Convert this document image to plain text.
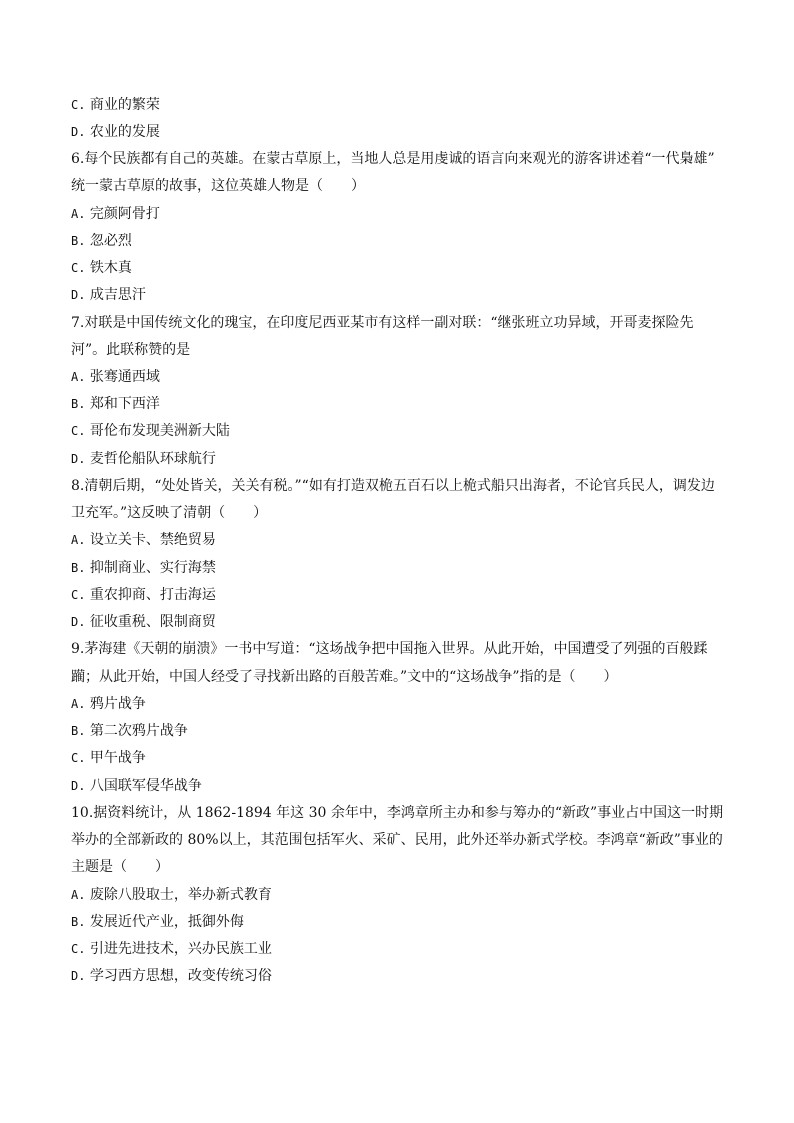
C. 商业的繁荣
D. 农业的发展
6.每个民族都有自己的英雄。在蒙古草原上，当地人总是用虔诚的语言向来观光的游客讲述着“一代梟雄”
统一蒙古草原的故事，这位英雄人物是（　　）
A. 完颜阿骨打
B. 忽必烈
C. 铁木真
D. 成吉思汗
7.对联是中国传统文化的瑰宝，在印度尼西亚某市有这样一副对联：“继张班立功异域，开哥麦探险先
河”。此联称赞的是
A. 张骞通西域
B. 郑和下西洋
C. 哥伦布发现美洲新大陆
D. 麦哲伦船队环球航行
8.清朝后期，“处处皆关，关关有税。”“如有打造双桅五百石以上桅式船只出海者，不论官兵民人，调发边
卫充军。”这反映了清朝（　　）
A. 设立关卡、禁绝贸易
B. 抑制商业、实行海禁
C. 重农抑商、打击海运
D. 征收重税、限制商贸
9.茅海建《天朝的崩溃》一书中写道：“这场战争把中国拖入世界。从此开始，中国遭受了列强的百般蹂
躏；从此开始，中国人经受了寻找新出路的百般苦难。”文中的“这场战争”指的是（　　）
A. 鸦片战争
B. 第二次鸦片战争
C. 甲午战争
D. 八国联军侵华战争
10.据资料统计，从 1862-1894 年这 30 余年中，李鸿章所主办和参与筹办的“新政”事业占中国这一时期
举办的全部新政的 80%以上，其范围包括军火、采矿、民用，此外还举办新式学校。李鸿章“新政”事业的
主题是（　　）
A. 废除八股取士，举办新式教育
B. 发展近代产业，抵御外侮
C. 引进先进技术，兴办民族工业
D. 学习西方思想，改变传统习俗
